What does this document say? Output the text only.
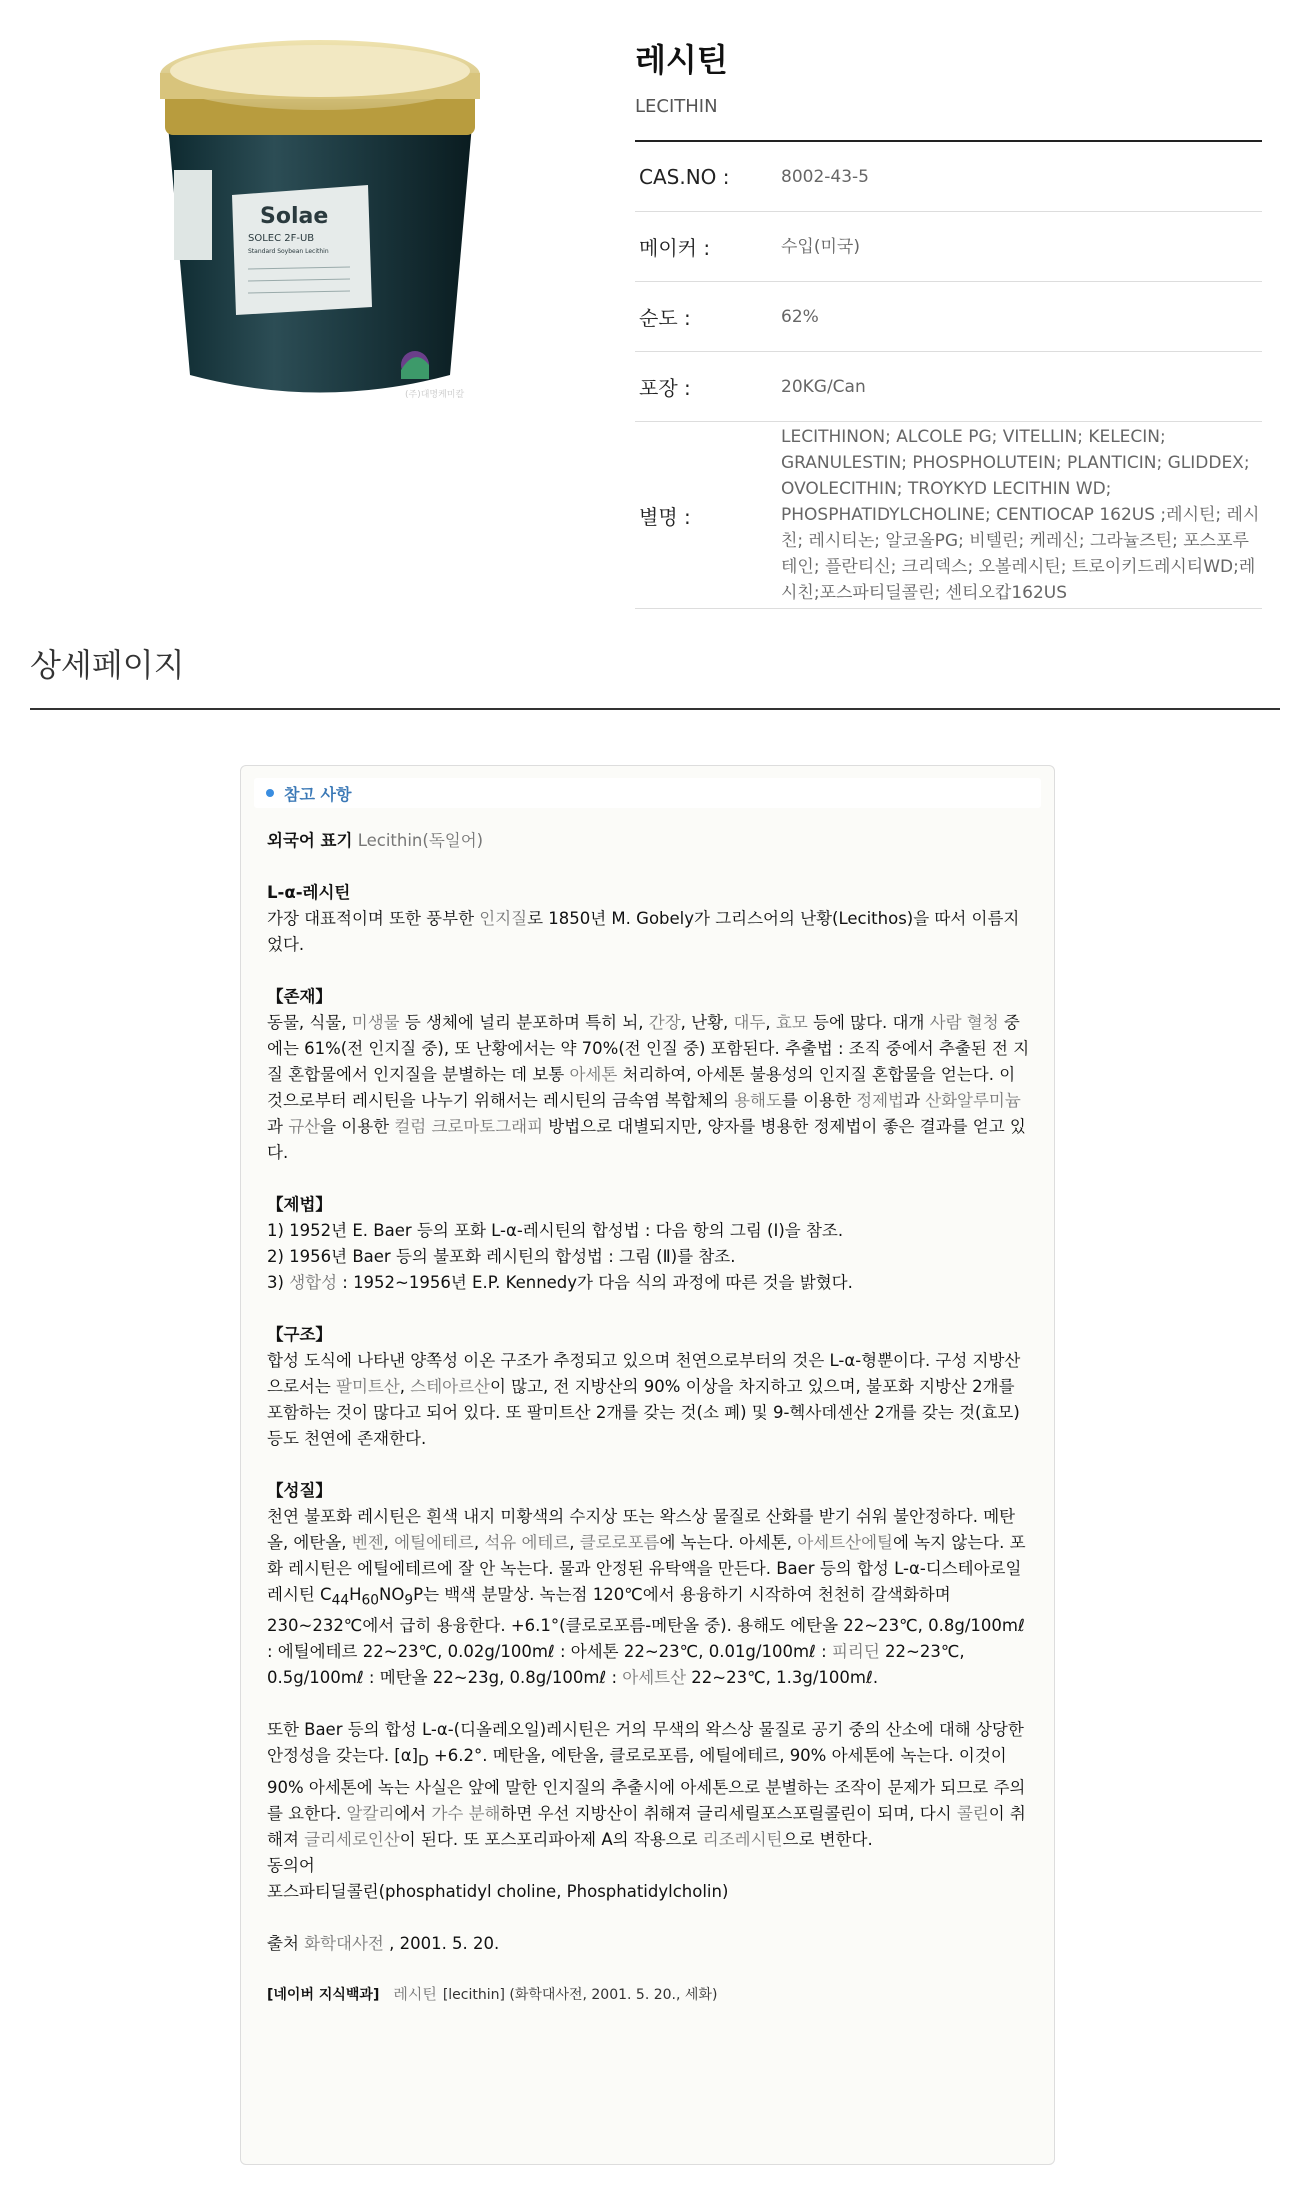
Solae
SOLEC 2F-UB
Standard Soybean Lecithin
(주)대명케미칼
레시틴
LECITHIN
CAS.NO :	8002-43-5
메이커 :	수입(미국)
순도 :	62%
포장 :	20KG/Can
별명 :
LECITHINON; ALCOLE PG; VITELLIN; KELECIN; GRANULESTIN; PHOSPHOLUTEIN; PLANTICIN; GLIDDEX; OVOLECITHIN; TROYKYD LECITHIN WD; PHOSPHATIDYLCHOLINE; CENTIOCAP 162US ;레시틴; 레시친; 레시티논; 알코올PG; 비텔린; 케레신; 그라뉼즈틴; 포스포루테인; 플란티신; 크리덱스; 오볼레시틴; 트로이키드레시티WD;레시친;포스파티딜콜린; 센티오캅162US
상세페이지
참고 사항

외국어 표기 Lecithin(독일어)

L-α-레시틴

가장 대표적이며 또한 풍부한 인지질로 1850년 M. Gobely가 그리스어의 난황(Lecithos)을 따서 이름지었다.

【존재】

동물, 식물, 미생물 등 생체에 널리 분포하며 특히 뇌, 간장, 난황, 대두, 효모 등에 많다. 대개 사람 혈청 중에는 61%(전 인지질 중), 또 난황에서는 약 70%(전 인질 중) 포함된다. 추출법 : 조직 중에서 추출된 전 지질 혼합물에서 인지질을 분별하는 데 보통 아세톤 처리하여, 아세톤 불용성의 인지질 혼합물을 얻는다. 이것으로부터 레시틴을 나누기 위해서는 레시틴의 금속염 복합체의 용해도를 이용한 정제법과 산화알루미늄과 규산을 이용한 컬럼 크로마토그래피 방법으로 대별되지만, 양자를 병용한 정제법이 좋은 결과를 얻고 있다.

【제법】

1) 1952년 E. Baer 등의 포화 L-α-레시틴의 합성법 : 다음 항의 그림 (Ⅰ)을 참조.

2) 1956년 Baer 등의 불포화 레시틴의 합성법 : 그림 (Ⅱ)를 참조.

3) 생합성 : 1952~1956년 E.P. Kennedy가 다음 식의 과정에 따른 것을 밝혔다.

【구조】

합성 도식에 나타낸 양쪽성 이온 구조가 추정되고 있으며 천연으로부터의 것은 L-α-형뿐이다. 구성 지방산으로서는 팔미트산, 스테아르산이 많고, 전 지방산의 90% 이상을 차지하고 있으며, 불포화 지방산 2개를 포함하는 것이 많다고 되어 있다. 또 팔미트산 2개를 갖는 것(소 폐) 및 9-헥사데센산 2개를 갖는 것(효모) 등도 천연에 존재한다.

【성질】

천연 불포화 레시틴은 흰색 내지 미황색의 수지상 또는 왁스상 물질로 산화를 받기 쉬워 불안정하다. 메탄올, 에탄올, 벤젠, 에틸에테르, 석유 에테르, 클로로포름에 녹는다. 아세톤, 아세트산에틸에 녹지 않는다. 포화 레시틴은 에틸에테르에 잘 안 녹는다. 물과 안정된 유탁액을 만든다. Baer 등의 합성 L-α-디스테아로일레시틴 $C_{44}H_{60}NO_9P$는 백색 분말상. 녹는점 120℃에서 용융하기 시작하여 천천히 갈색화하며 230~232℃에서 급히 용융한다. +6.1°(클로로포름-메탄올 중). 용해도 에탄올 22~23℃, 0.8g/100mℓ : 에틸에테르 22~23℃, 0.02g/100mℓ : 아세톤 22~23℃, 0.01g/100mℓ : 피리딘 22~23℃, 0.5g/100mℓ : 메탄올 22~23g, 0.8g/100mℓ : 아세트산 22~23℃, 1.3g/100mℓ.

또한 Baer 등의 합성 L-α-(디올레오일)레시틴은 거의 무색의 왁스상 물질로 공기 중의 산소에 대해 상당한 안정성을 갖는다. $[\alpha]_D +6.2^\circ$. 메탄올, 에탄올, 클로로포름, 에틸에테르, 90% 아세톤에 녹는다. 이것이 90% 아세톤에 녹는 사실은 앞에 말한 인지질의 추출시에 아세톤으로 분별하는 조작이 문제가 되므로 주의를 요한다. 알칼리에서 가수 분해하면 우선 지방산이 취해져 글리세릴포스포릴콜린이 되며, 다시 콜린이 취해져 글리세로인산이 된다. 또 포스포리파아제 A의 작용으로 리조레시틴으로 변한다.

동의어

포스파티딜콜린(phosphatidyl choline, Phosphatidylcholin)

출처 화학대사전 , 2001. 5. 20.

[네이버 지식백과] 레시틴 [lecithin] (화학대사전, 2001. 5. 20., 세화)
